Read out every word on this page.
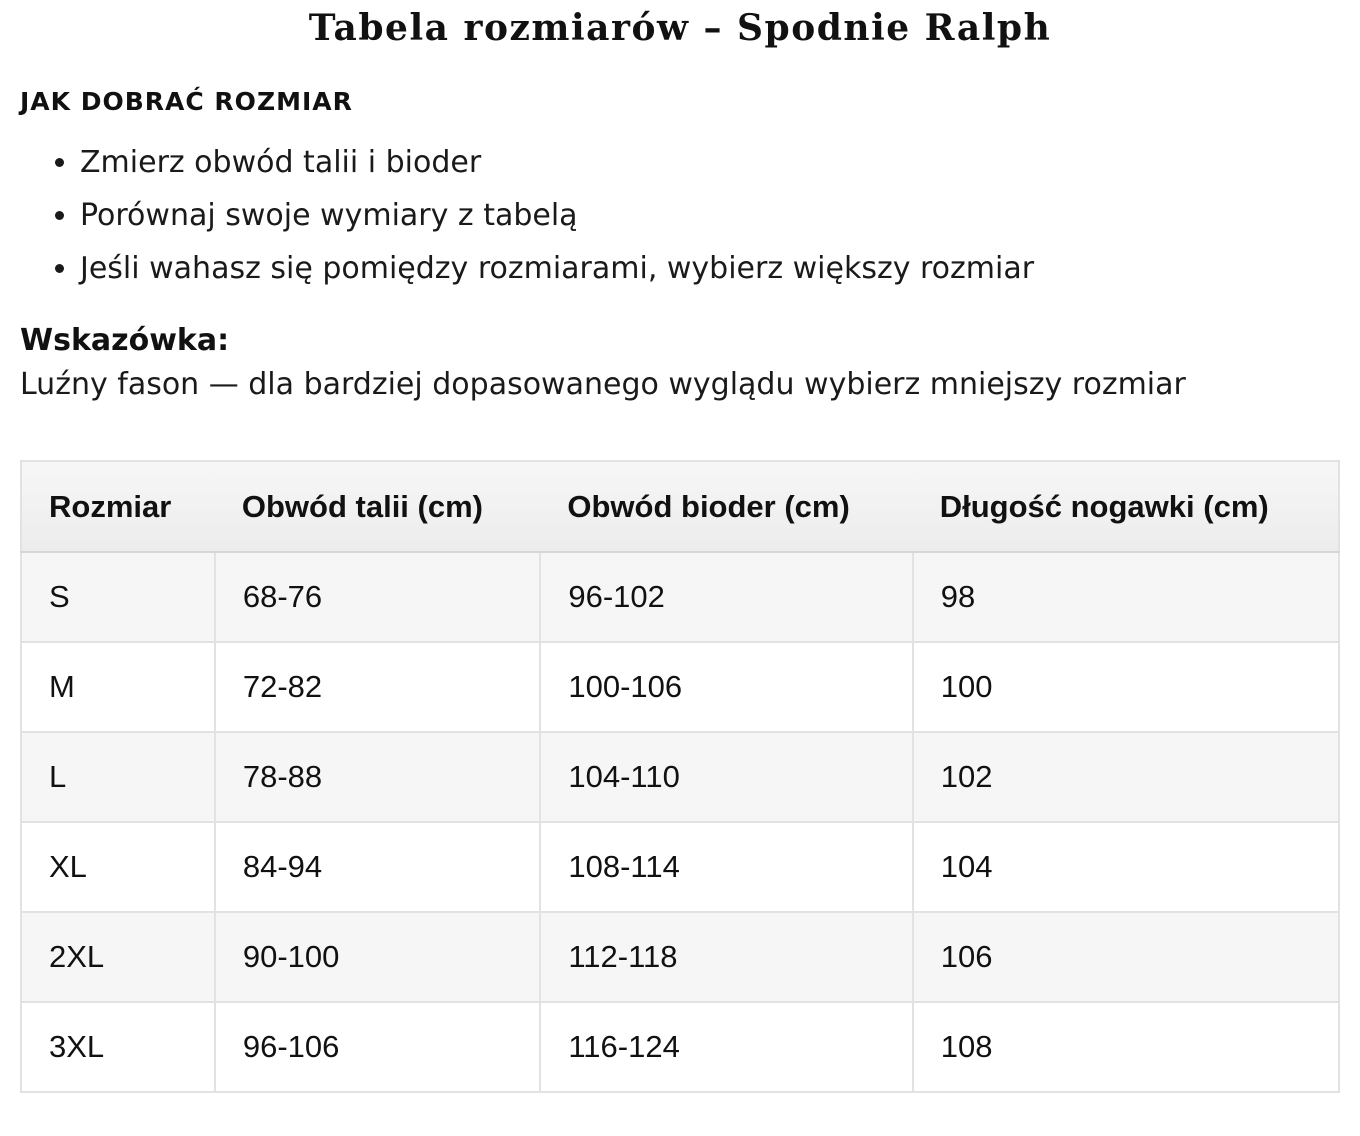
Tabela rozmiarów – Spodnie Ralph
JAK DOBRAĆ ROZMIAR
• Zmierz obwód talii i bioder
• Porównaj swoje wymiary z tabelą
• Jeśli wahasz się pomiędzy rozmiarami, wybierz większy rozmiar

Wskazówka:

Luźny fason — dla bardziej dopasowanego wyglądu wybierz mniejszy rozmiar

Rozmiar	Obwód talii (cm)	Obwód bioder (cm)	Długość nogawki (cm)
S	68-76	96-102	98
M	72-82	100-106	100
L	78-88	104-110	102
XL	84-94	108-114	104
2XL	90-100	112-118	106
3XL	96-106	116-124	108
